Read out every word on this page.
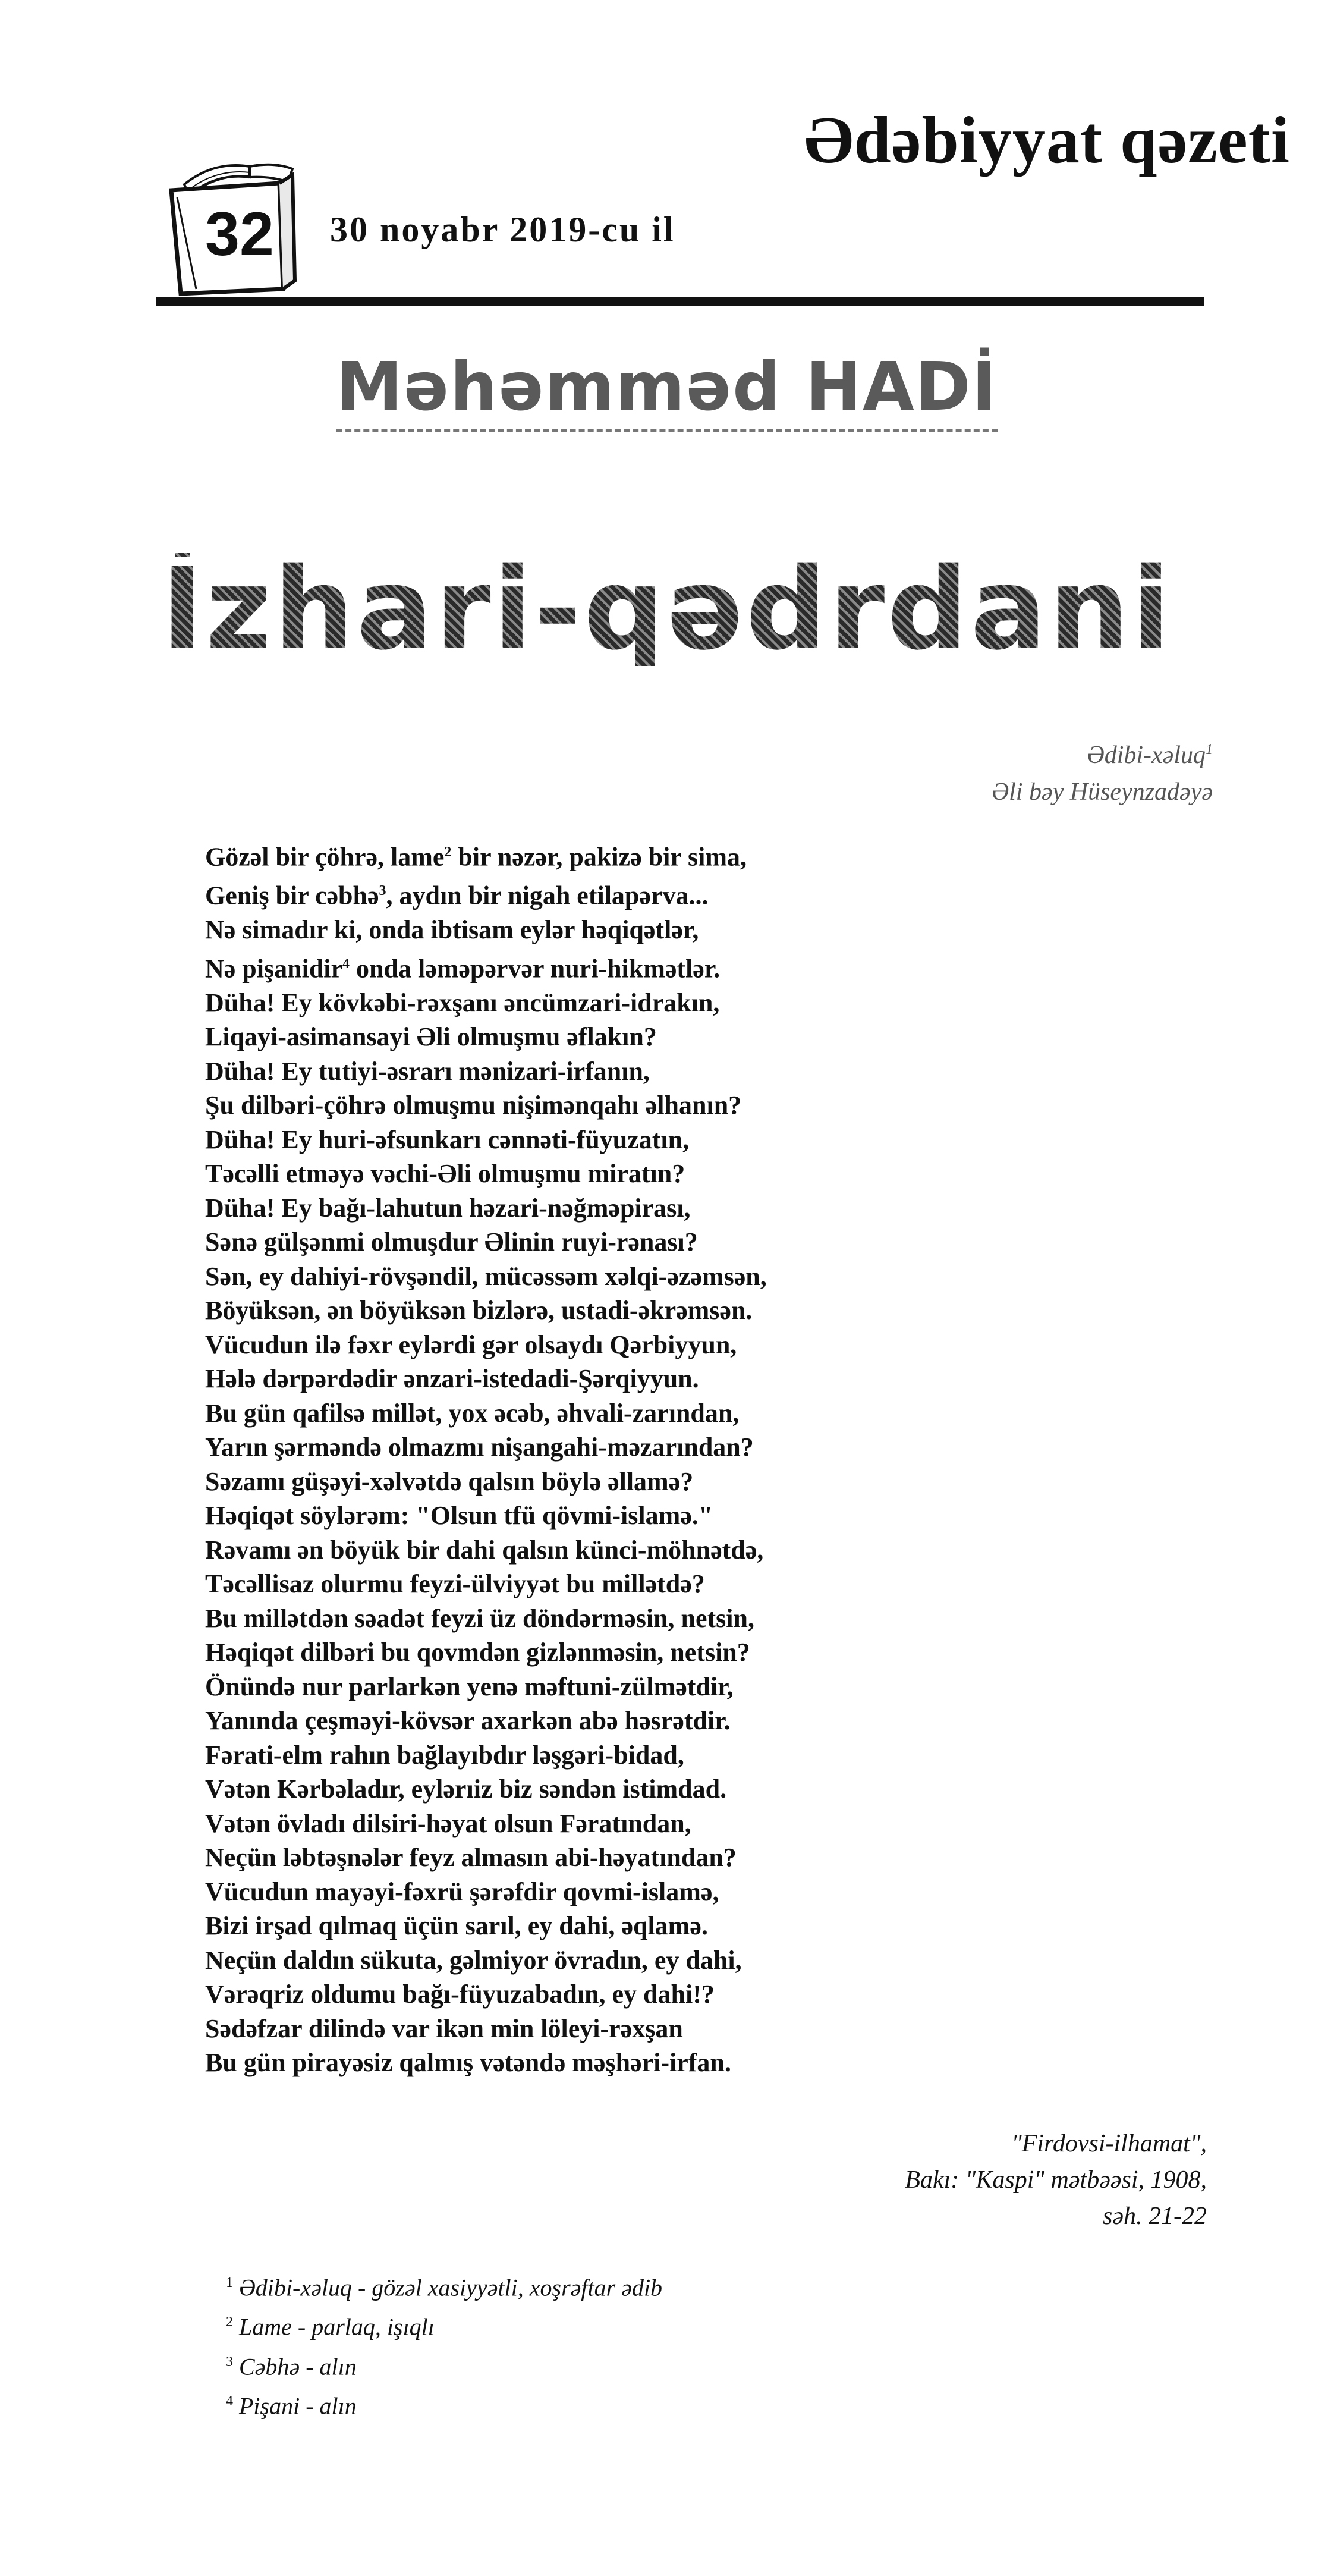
Ədəbiyyat qəzeti
32 30 noyabr 2019-cu il
Məhəmməd HADİ
İzhari-qədrdani
Ədibi-xəluq$^1$
Əli bəy Hüseynzadəyə
Gözəl bir çöhrə, lame$^2$ bir nəzər, pakizə bir sima,
Geniş bir cəbhə$^3$, aydın bir nigah etilapərva...
Nə simadır ki, onda ibtisam eylər həqiqətlər,
Nə pişanidir$^4$ onda ləməpərvər nuri-hikmətlər.
Düha! Ey kövkəbi-rəxşanı əncümzari-idrakın,
Liqayi-asimansayi Əli olmuşmu əflakın?
Düha! Ey tutiyi-əsrarı mənizari-irfanın,
Şu dilbəri-çöhrə olmuşmu nişimənqahı əlhanın?
Düha! Ey huri-əfsunkarı cənnəti-füyuzatın,
Təcəlli etməyə vəchi-Əli olmuşmu miratın?
Düha! Ey bağı-lahutun həzari-nəğməpirası,
Sənə gülşənmi olmuşdur Əlinin ruyi-rənası?
Sən, ey dahiyi-rövşəndil, mücəssəm xəlqi-əzəmsən,
Böyüksən, ən böyüksən bizlərə, ustadi-əkrəmsən.
Vücudun ilə fəxr eylərdi gər olsaydı Qərbiyyun,
Hələ dərpərdədir ənzari-istedadi-Şərqiyyun.
Bu gün qafilsə millət, yox əcəb, əhvali-zarından,
Yarın şərməndə olmazmı nişangahi-məzarından?
Səzamı güşəyi-xəlvətdə qalsın böylə əllamə?
Həqiqət söylərəm: "Olsun tfü qövmi-islamə."
Rəvamı ən böyük bir dahi qalsın künci-möhnətdə,
Təcəllisaz olurmu feyzi-ülviyyət bu millətdə?
Bu millətdən səadət feyzi üz döndərməsin, netsin,
Həqiqət dilbəri bu qovmdən gizlənməsin, netsin?
Önündə nur parlarkən yenə məftuni-zülmətdir,
Yanında çeşməyi-kövsər axarkən abə həsrətdir.
Fərati-elm rahın bağlayıbdır ləşgəri-bidad,
Vətən Kərbəladır, eylərıiz biz səndən istimdad.
Vətən övladı dilsiri-həyat olsun Fəratından,
Neçün ləbtəşnələr feyz almasın abi-həyatından?
Vücudun mayəyi-fəxrü şərəfdir qovmi-islamə,
Bizi irşad qılmaq üçün sarıl, ey dahi, əqlamə.
Neçün daldın sükuta, gəlmiyor övradın, ey dahi,
Vərəqriz oldumu bağı-füyuzabadın, ey dahi!?
Sədəfzar dilində var ikən min löleyi-rəxşan
Bu gün pirayəsiz qalmış vətəndə məşhəri-irfan.
"Firdovsi-ilhamat",
Bakı: "Kaspi" mətbəəsi, 1908,
səh. 21-22
$^1$ Ədibi-xəluq - gözəl xasiyyətli, xoşrəftar ədib
$^2$ Lame - parlaq, işıqlı
$^3$ Cəbhə - alın
$^4$ Pişani - alın
